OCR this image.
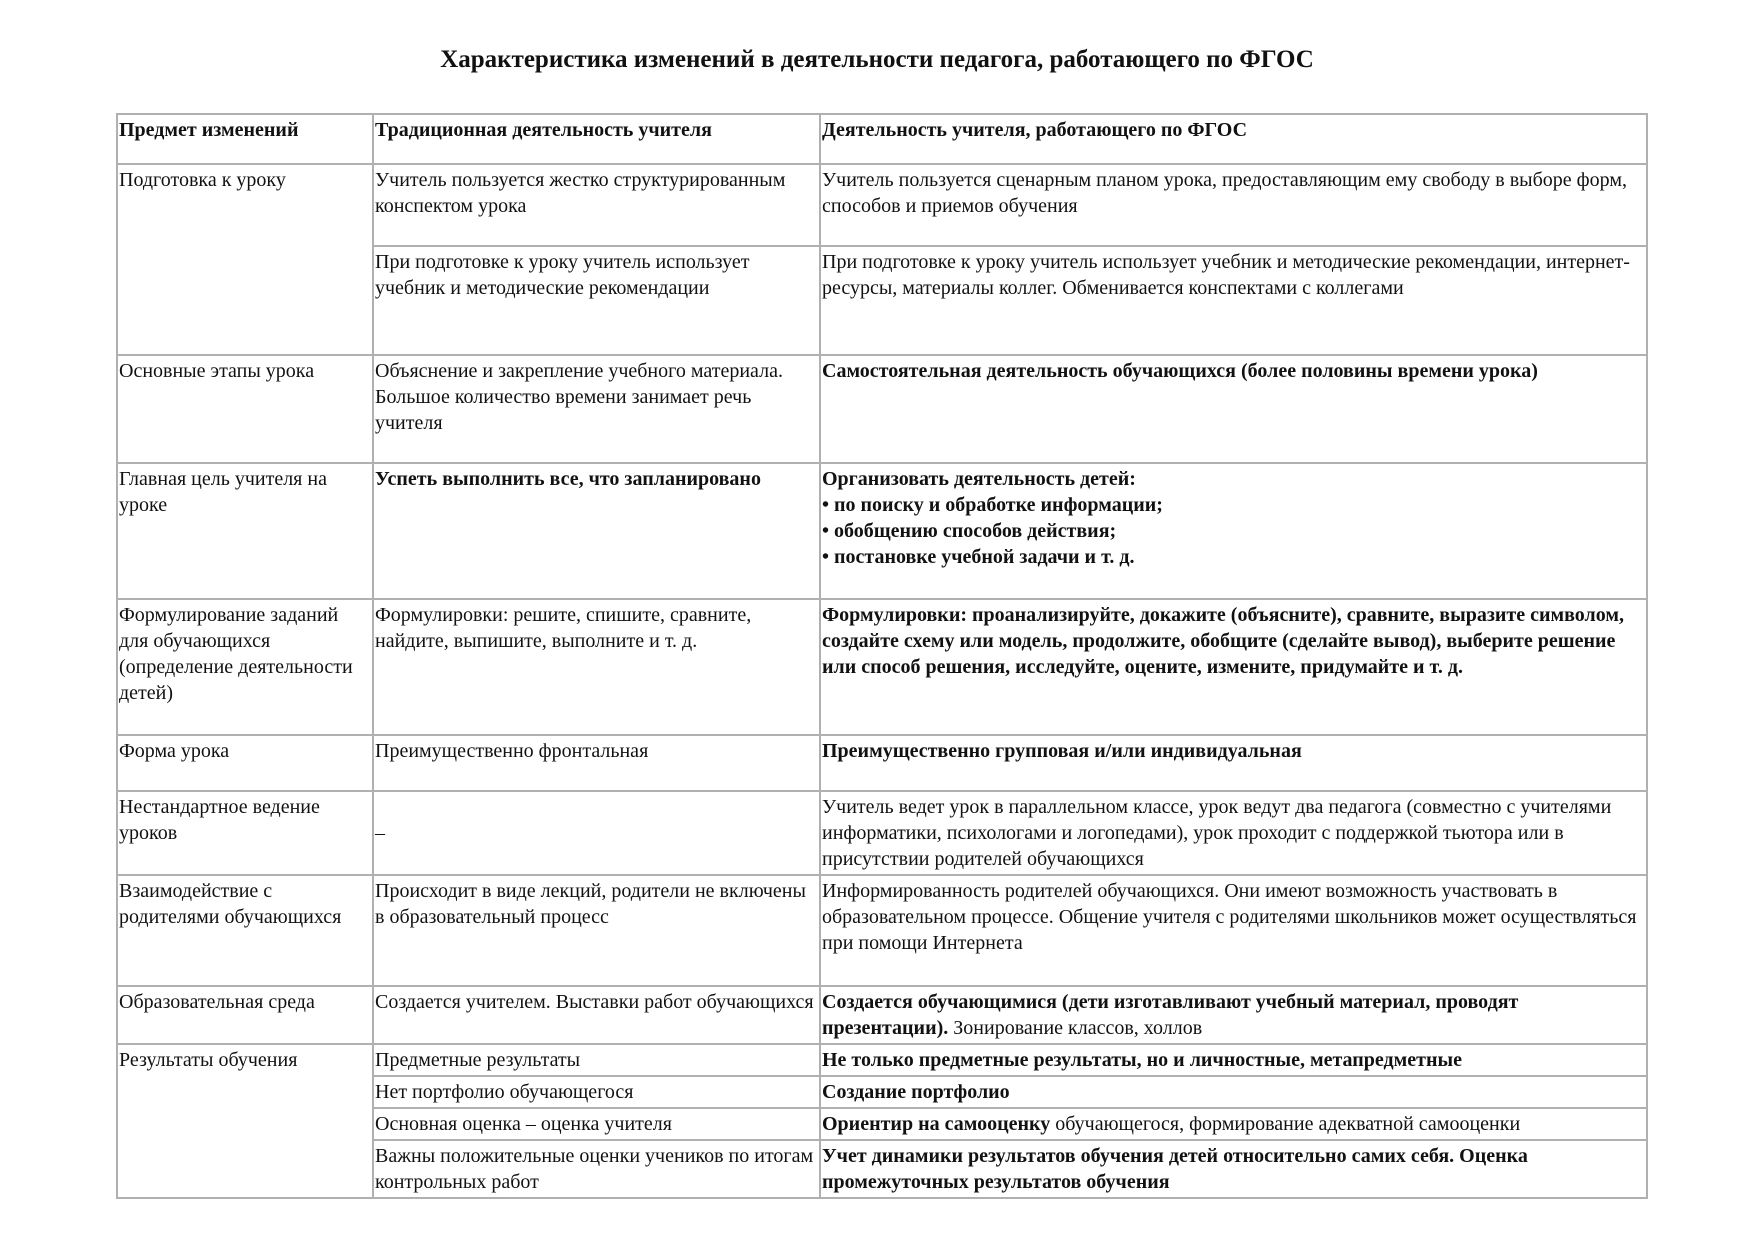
Характеристика изменений в деятельности педагога, работающего по ФГОС
Предмет изменений	Традиционная деятельность учителя	Деятельность учителя, работающего по ФГОС
Подготовка к уроку	Учитель пользуется жестко структурированным конспектом урока	Учитель пользуется сценарным планом урока, предоставляющим ему свободу в выборе форм, способов и приемов обучения
	При подготовке к уроку учитель использует учебник и методические рекомендации	При подготовке к уроку учитель использует учебник и методические рекомендации, интернет-ресурсы, материалы коллег. Обменивается конспектами с коллегами
Основные этапы урока	Объяснение и закрепление учебного материала. Большое количество времени занимает речь учителя	Самостоятельная деятельность обучающихся (более половины времени урока)
Главная цель учителя на уроке	Успеть выполнить все, что запланировано	Организовать деятельность детей:
• по поиску и обработке информации;
• обобщению способов действия;
• постановке учебной задачи и т. д.
Формулирование заданий для обучающихся (определение деятельности детей)	Формулировки: решите, спишите, сравните, найдите, выпишите, выполните и т. д.	Формулировки: проанализируйте, докажите (объясните), сравните, выразите символом, создайте схему или модель, продолжите, обобщите (сделайте вывод), выберите решение или способ решения, исследуйте, оцените, измените, придумайте и т. д.
Форма урока	Преимущественно фронтальная	Преимущественно групповая и/или индивидуальная
Нестандартное ведение уроков	–	Учитель ведет урок в параллельном классе, урок ведут два педагога (совместно с учителями информатики, психологами и логопедами), урок проходит с поддержкой тьютора или в присутствии родителей обучающихся
Взаимодействие с родителями обучающихся	Происходит в виде лекций, родители не включены в образовательный процесс	Информированность родителей обучающихся. Они имеют возможность участвовать в образовательном процессе. Общение учителя с родителями школьников может осуществляться при помощи Интернета
Образовательная среда	Создается учителем. Выставки работ обучающихся	Создается обучающимися (дети изготавливают учебный материал, проводят презентации). Зонирование классов, холлов
Результаты обучения	Предметные результаты	Не только предметные результаты, но и личностные, метапредметные
	Нет портфолио обучающегося	Создание портфолио
	Основная оценка – оценка учителя	Ориентир на самооценку обучающегося, формирование адекватной самооценки
	Важны положительные оценки учеников по итогам контрольных работ	Учет динамики результатов обучения детей относительно самих себя. Оценка промежуточных результатов обучения
